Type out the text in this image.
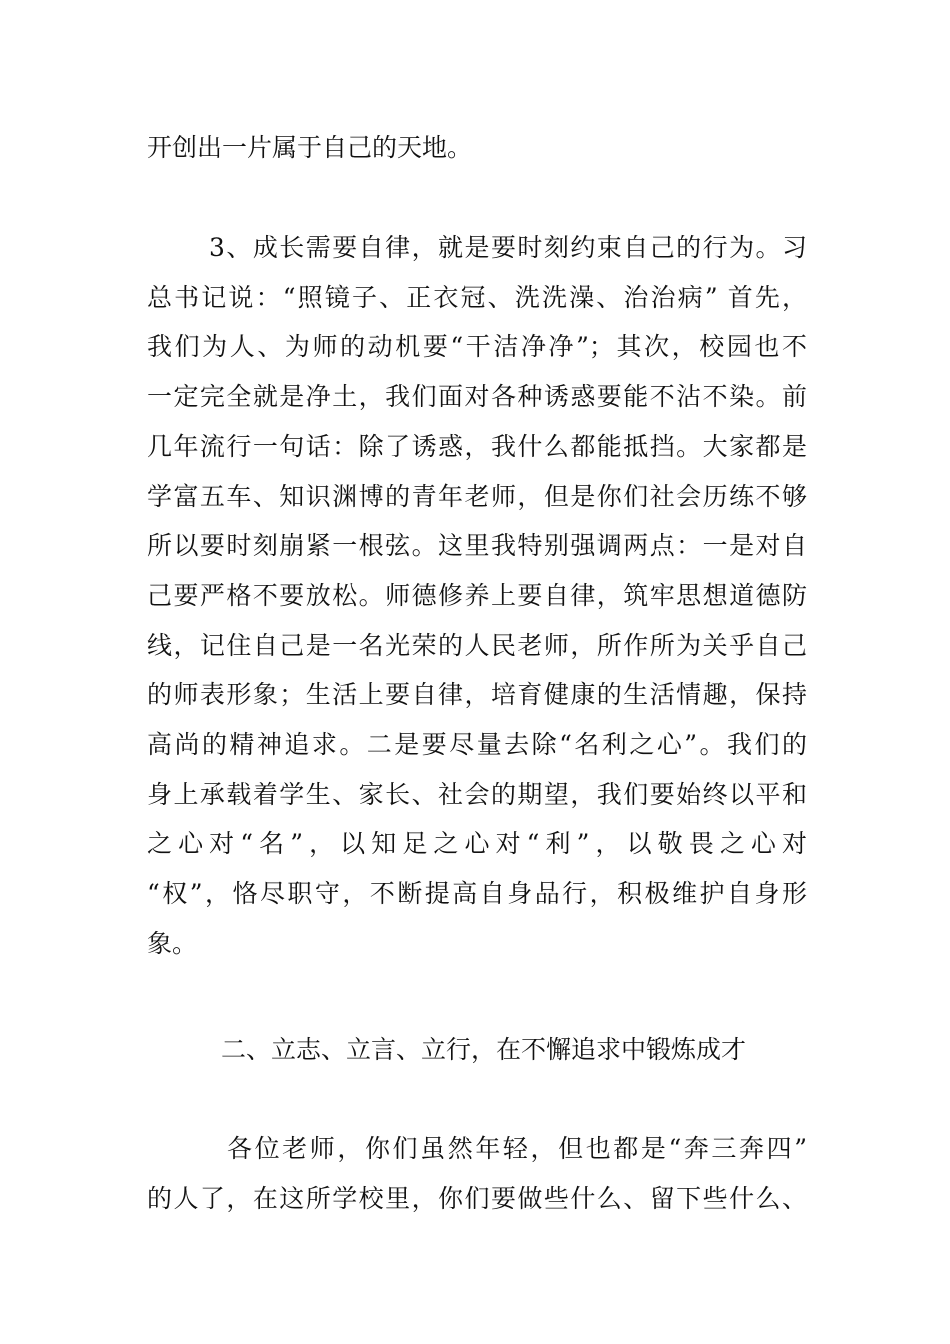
开创出一片属于自己的天地。
3、成长需要自律，就是要时刻约束自己的行为。习
总书记说：“照镜子、正衣冠、洗洗澡、治治病” 首先，
我们为人、为师的动机要“干洁净净”；其次，校园也不
一定完全就是净土，我们面对各种诱惑要能不沾不染。前
几年流行一句话：除了诱惑，我什么都能抵挡。大家都是
学富五车、知识渊博的青年老师，但是你们社会历练不够
所以要时刻崩紧一根弦。这里我特别强调两点：一是对自
己要严格不要放松。师德修养上要自律，筑牢思想道德防
线，记住自己是一名光荣的人民老师，所作所为关乎自己
的师表形象；生活上要自律，培育健康的生活情趣，保持
高尚的精神追求。二是要尽量去除“名利之心”。我们的
身上承载着学生、家长、社会的期望，我们要始终以平和
之心对“名”，以知足之心对“利”，以敬畏之心对
“权”，恪尽职守，不断提高自身品行，积极维护自身形
象。
二、立志、立言、立行，在不懈追求中锻炼成才
各位老师，你们虽然年轻，但也都是“奔三奔四”
的人了，在这所学校里，你们要做些什么、留下些什么、
